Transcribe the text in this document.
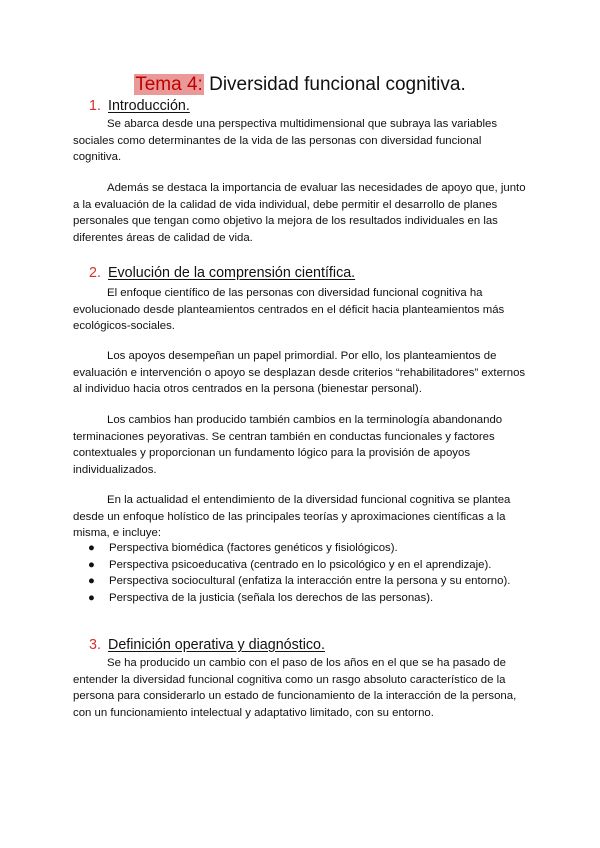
Tema 4: Diversidad funcional cognitiva.
1. Introducción.

Se abarca desde una perspectiva multidimensional que subraya las variables sociales como determinantes de la vida de las personas con diversidad funcional cognitiva.

Además se destaca la importancia de evaluar las necesidades de apoyo que, junto a la evaluación de la calidad de vida individual, debe permitir el desarrollo de planes personales que tengan como objetivo la mejora de los resultados individuales en las diferentes áreas de calidad de vida.

2. Evolución de la comprensión científica.

El enfoque científico de las personas con diversidad funcional cognitiva ha evolucionado desde planteamientos centrados en el déficit hacia planteamientos más ecológicos-sociales.

Los apoyos desempeñan un papel primordial. Por ello, los planteamientos de evaluación e intervención o apoyo se desplazan desde criterios “rehabilitadores” externos al individuo hacia otros centrados en la persona (bienestar personal).

Los cambios han producido también cambios en la terminología abandonando terminaciones peyorativas. Se centran también en conductas funcionales y factores contextuales y proporcionan un fundamento lógico para la provisión de apoyos individualizados.

En la actualidad el entendimiento de la diversidad funcional cognitiva se plantea desde un enfoque holístico de las principales teorías y aproximaciones científicas a la misma, e incluye:

● Perspectiva biomédica (factores genéticos y fisiológicos).
● Perspectiva psicoeducativa (centrado en lo psicológico y en el aprendizaje).
● Perspectiva sociocultural (enfatiza la interacción entre la persona y su entorno).
● Perspectiva de la justicia (señala los derechos de las personas).
3. Definición operativa y diagnóstico.

Se ha producido un cambio con el paso de los años en el que se ha pasado de entender la diversidad funcional cognitiva como un rasgo absoluto característico de la persona para considerarlo un estado de funcionamiento de la interacción de la persona, con un funcionamiento intelectual y adaptativo limitado, con su entorno.
